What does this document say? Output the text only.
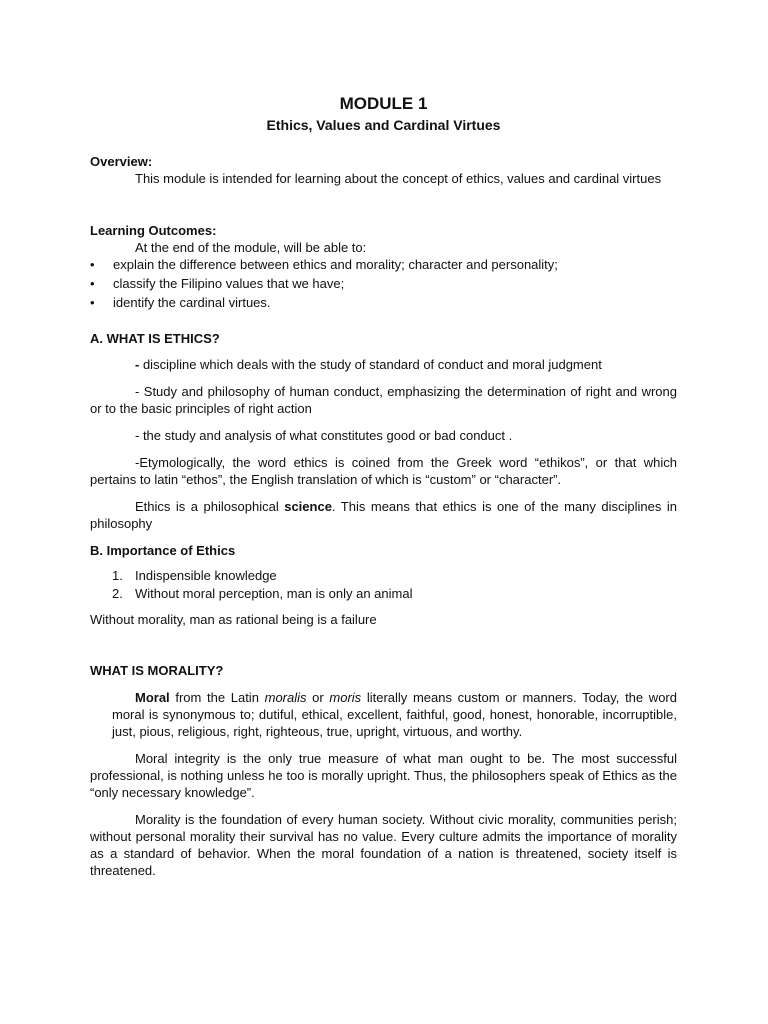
MODULE 1
Ethics, Values and Cardinal Virtues

Overview:

This module is intended for learning about the concept of ethics, values and cardinal virtues

Learning Outcomes:

At the end of the module, will be able to:

• explain the difference between ethics and morality; character and personality;
• classify the Filipino values that we have;
• identify the cardinal virtues.

A. WHAT IS ETHICS?

- discipline which deals with the study of standard of conduct and moral judgment

- Study and philosophy of human conduct, emphasizing the determination of right and wrong or to the basic principles of right action

- the study and analysis of what constitutes good or bad conduct .

-Etymologically, the word ethics is coined from the Greek word “ethikos”, or that which pertains to latin “ethos”, the English translation of which is “custom” or “character”.

Ethics is a philosophical science. This means that ethics is one of the many disciplines in philosophy

B. Importance of Ethics

1. Indispensible knowledge
2. Without moral perception, man is only an animal

Without morality, man as rational being is a failure

WHAT IS MORALITY?

Moral from the Latin moralis or moris literally means custom or manners. Today, the word moral is synonymous to; dutiful, ethical, excellent, faithful, good, honest, honorable, incorruptible, just, pious, religious, right, righteous, true, upright, virtuous, and worthy.

Moral integrity is the only true measure of what man ought to be. The most successful professional, is nothing unless he too is morally upright. Thus, the philosophers speak of Ethics as the “only necessary knowledge”.

Morality is the foundation of every human society. Without civic morality, communities perish; without personal morality their survival has no value. Every culture admits the importance of morality as a standard of behavior. When the moral foundation of a nation is threatened, society itself is threatened.
